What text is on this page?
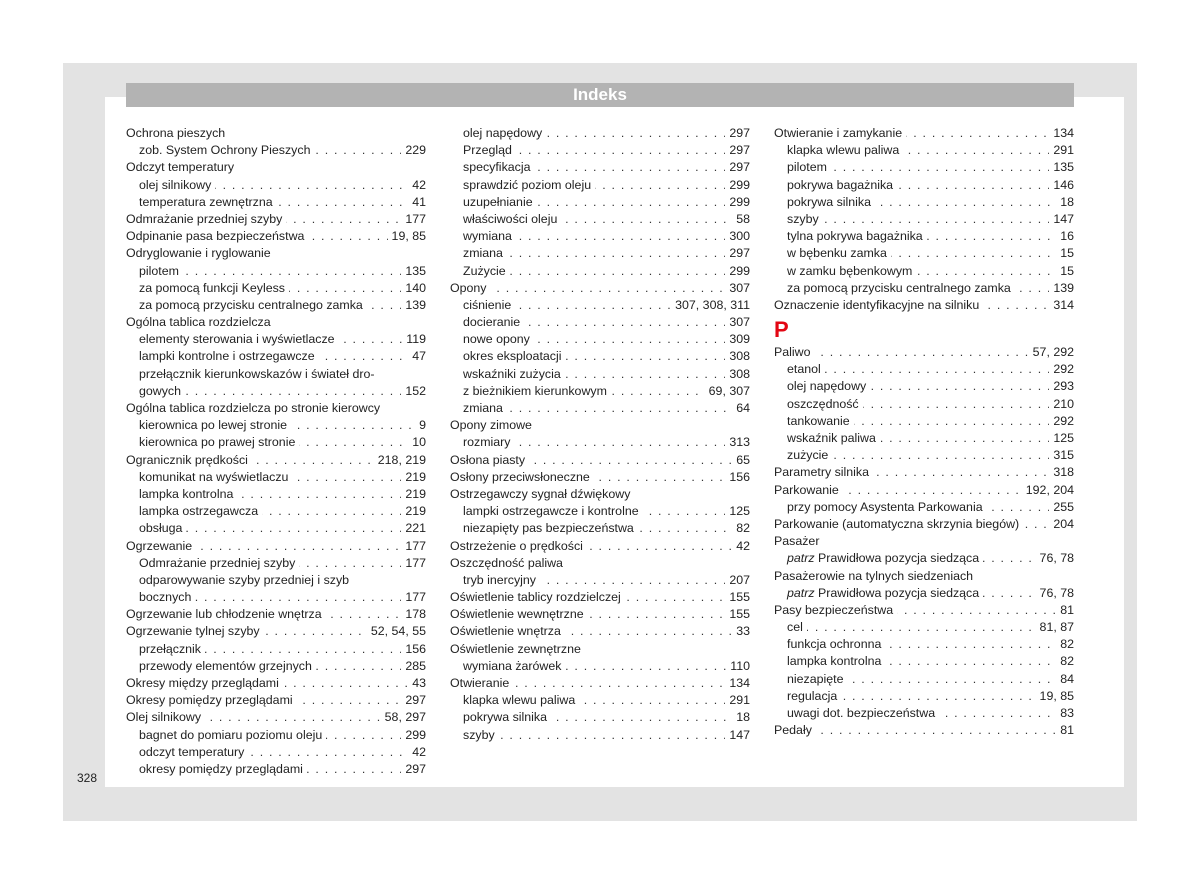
Indeks
Ochrona pieszych
. . .
zob. System Ochrony Pieszych	229
Odczyt temperatury
. . .
olej silnikowy	42
. . .
temperatura zewnętrzna	41
. . .
Odmrażanie przedniej szyby	177
. . .
Odpinanie pasa bezpieczeństwa	19, 85
Odryglowanie i ryglowanie
. . .
pilotem	135
. . .
za pomocą funkcji Keyless	140
. . .
za pomocą przycisku centralnego zamka	139
Ogólna tablica rozdzielcza
. . .
elementy sterowania i wyświetlacze	119
. . .
lampki kontrolne i ostrzegawcze	47
przełącznik kierunkowskazów i świateł dro-
. . .
gowych	152
Ogólna tablica rozdzielcza po stronie kierowcy
. . .
kierownica po lewej stronie	9
. . .
kierownica po prawej stronie	10
. . .
Ogranicznik prędkości	218, 219
. . .
komunikat na wyświetlaczu	219
. . .
lampka kontrolna	219
. . .
lampka ostrzegawcza	219
. . .
obsługa	221
. . .
Ogrzewanie	177
. . .
Odmrażanie przedniej szyby	177
odparowywanie szyby przedniej i szyb
. . .
bocznych	177
. . .
Ogrzewanie lub chłodzenie wnętrza	178
. . .
Ogrzewanie tylnej szyby	52, 54, 55
. . .
przełącznik	156
. . .
przewody elementów grzejnych	285
. . .
Okresy między przeglądami	43
. . .
Okresy pomiędzy przeglądami	297
. . .
Olej silnikowy	58, 297
. . .
bagnet do pomiaru poziomu oleju	299
. . .
odczyt temperatury	42
. . .
okresy pomiędzy przeglądami	297
. . .
olej napędowy	297
. . .
Przegląd	297
. . .
specyfikacja	297
. . .
sprawdzić poziom oleju	299
. . .
uzupełnianie	299
. . .
właściwości oleju	58
. . .
wymiana	300
. . .
zmiana	297
. . .
Zużycie	299
. . .
Opony	307
. . .
ciśnienie	307, 308, 311
. . .
docieranie	307
. . .
nowe opony	309
. . .
okres eksploatacji	308
. . .
wskaźniki zużycia	308
. . .
z bieżnikiem kierunkowym	69, 307
. . .
zmiana	64
Opony zimowe
. . .
rozmiary	313
. . .
Osłona piasty	65
. . .
Osłony przeciwsłoneczne	156
Ostrzegawczy sygnał dźwiękowy
. . .
lampki ostrzegawcze i kontrolne	125
. . .
niezapięty pas bezpieczeństwa	82
. . .
Ostrzeżenie o prędkości	42
Oszczędność paliwa
. . .
tryb inercyjny	207
. . .
Oświetlenie tablicy rozdzielczej	155
. . .
Oświetlenie wewnętrzne	155
. . .
Oświetlenie wnętrza	33
Oświetlenie zewnętrzne
. . .
wymiana żarówek	110
. . .
Otwieranie	134
. . .
klapka wlewu paliwa	291
. . .
pokrywa silnika	18
. . .
szyby	147
. . .
Otwieranie i zamykanie	134
. . .
klapka wlewu paliwa	291
. . .
pilotem	135
. . .
pokrywa bagażnika	146
. . .
pokrywa silnika	18
. . .
szyby	147
. . .
tylna pokrywa bagażnika	16
. . .
w bębenku zamka	15
. . .
w zamku bębenkowym	15
. . .
za pomocą przycisku centralnego zamka	139
. . .
Oznaczenie identyfikacyjne na silniku	314
P
. . .
Paliwo	57, 292
. . .
etanol	292
. . .
olej napędowy	293
. . .
oszczędność	210
. . .
tankowanie	292
. . .
wskaźnik paliwa	125
. . .
zużycie	315
. . .
Parametry silnika	318
. . .
Parkowanie	192, 204
. . .
przy pomocy Asystenta Parkowania	255
. . .
Parkowanie (automatyczna skrzynia biegów)	204
Pasażer
. . .
patrz Prawidłowa pozycja siedząca	76, 78
Pasażerowie na tylnych siedzeniach
. . .
patrz Prawidłowa pozycja siedząca	76, 78
. . .
Pasy bezpieczeństwa	81
. . .
cel	81, 87
. . .
funkcja ochronna	82
. . .
lampka kontrolna	82
. . .
niezapięte	84
. . .
regulacja	19, 85
. . .
uwagi dot. bezpieczeństwa	83
. . .
Pedały	81
328
